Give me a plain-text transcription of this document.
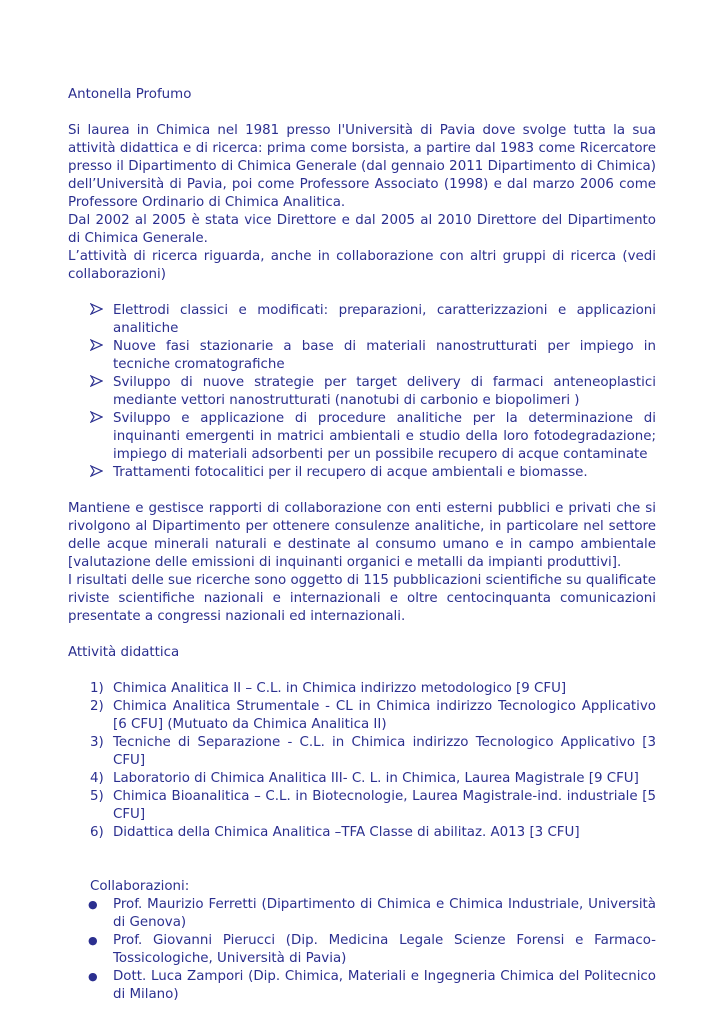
Antonella Profumo

Si laurea in Chimica nel 1981 presso l'Università di Pavia dove svolge tutta la sua attività didattica e di ricerca: prima come borsista, a partire dal 1983 come Ricercatore presso il Dipartimento di Chimica Generale (dal gennaio 2011 Dipartimento di Chimica) dell’Università di Pavia, poi come Professore Associato (1998) e dal marzo 2006 come Professore Ordinario di Chimica Analitica.

Dal 2002 al 2005 è stata vice Direttore e dal 2005 al 2010 Direttore del Dipartimento di Chimica Generale.

L’attività di ricerca riguarda, anche in collaborazione con altri gruppi di ricerca (vedi collaborazioni)

Elettrodi classici e modificati: preparazioni, caratterizzazioni e applicazioni analitiche
Nuove fasi stazionarie a base di materiali nanostrutturati per impiego in tecniche cromatografiche
Sviluppo di nuove strategie per target delivery di farmaci anteneoplastici mediante vettori nanostrutturati (nanotubi di carbonio e biopolimeri )
Sviluppo e applicazione di procedure analitiche per la determinazione di inquinanti emergenti in matrici ambientali e studio della loro fotodegradazione; impiego di materiali adsorbenti per un possibile recupero di acque contaminate
Trattamenti fotocalitici per il recupero di acque ambientali e biomasse.

Mantiene e gestisce rapporti di collaborazione con enti esterni pubblici e privati che si rivolgono al Dipartimento per ottenere consulenze analitiche, in particolare nel settore delle acque minerali naturali e destinate al consumo umano e in campo ambientale [valutazione delle emissioni di inquinanti organici e metalli da impianti produttivi].

I risultati delle sue ricerche sono oggetto di 115 pubblicazioni scientifiche su qualificate riviste scientifiche nazionali e internazionali e oltre centocinquanta comunicazioni presentate a congressi nazionali ed internazionali.

Attività didattica

1) Chimica Analitica II – C.L. in Chimica indirizzo metodologico [9 CFU]
2) Chimica Analitica Strumentale - CL in Chimica indirizzo Tecnologico Applicativo [6 CFU] (Mutuato da Chimica Analitica II)
3) Tecniche di Separazione - C.L. in Chimica indirizzo Tecnologico Applicativo [3 CFU]
4) Laboratorio di Chimica Analitica III- C. L. in Chimica, Laurea Magistrale [9 CFU]
5) Chimica Bioanalitica – C.L. in Biotecnologie, Laurea Magistrale-ind. industriale [5 CFU]
6) Didattica della Chimica Analitica –TFA Classe di abilitaz. A013 [3 CFU]

Collaborazioni:

● Prof. Maurizio Ferretti (Dipartimento di Chimica e Chimica Industriale, Università di Genova)
● Prof. Giovanni Pierucci (Dip. Medicina Legale Scienze Forensi e Farmaco-Tossicologiche, Università di Pavia)
● Dott. Luca Zampori (Dip. Chimica, Materiali e Ingegneria Chimica del Politecnico di Milano)
